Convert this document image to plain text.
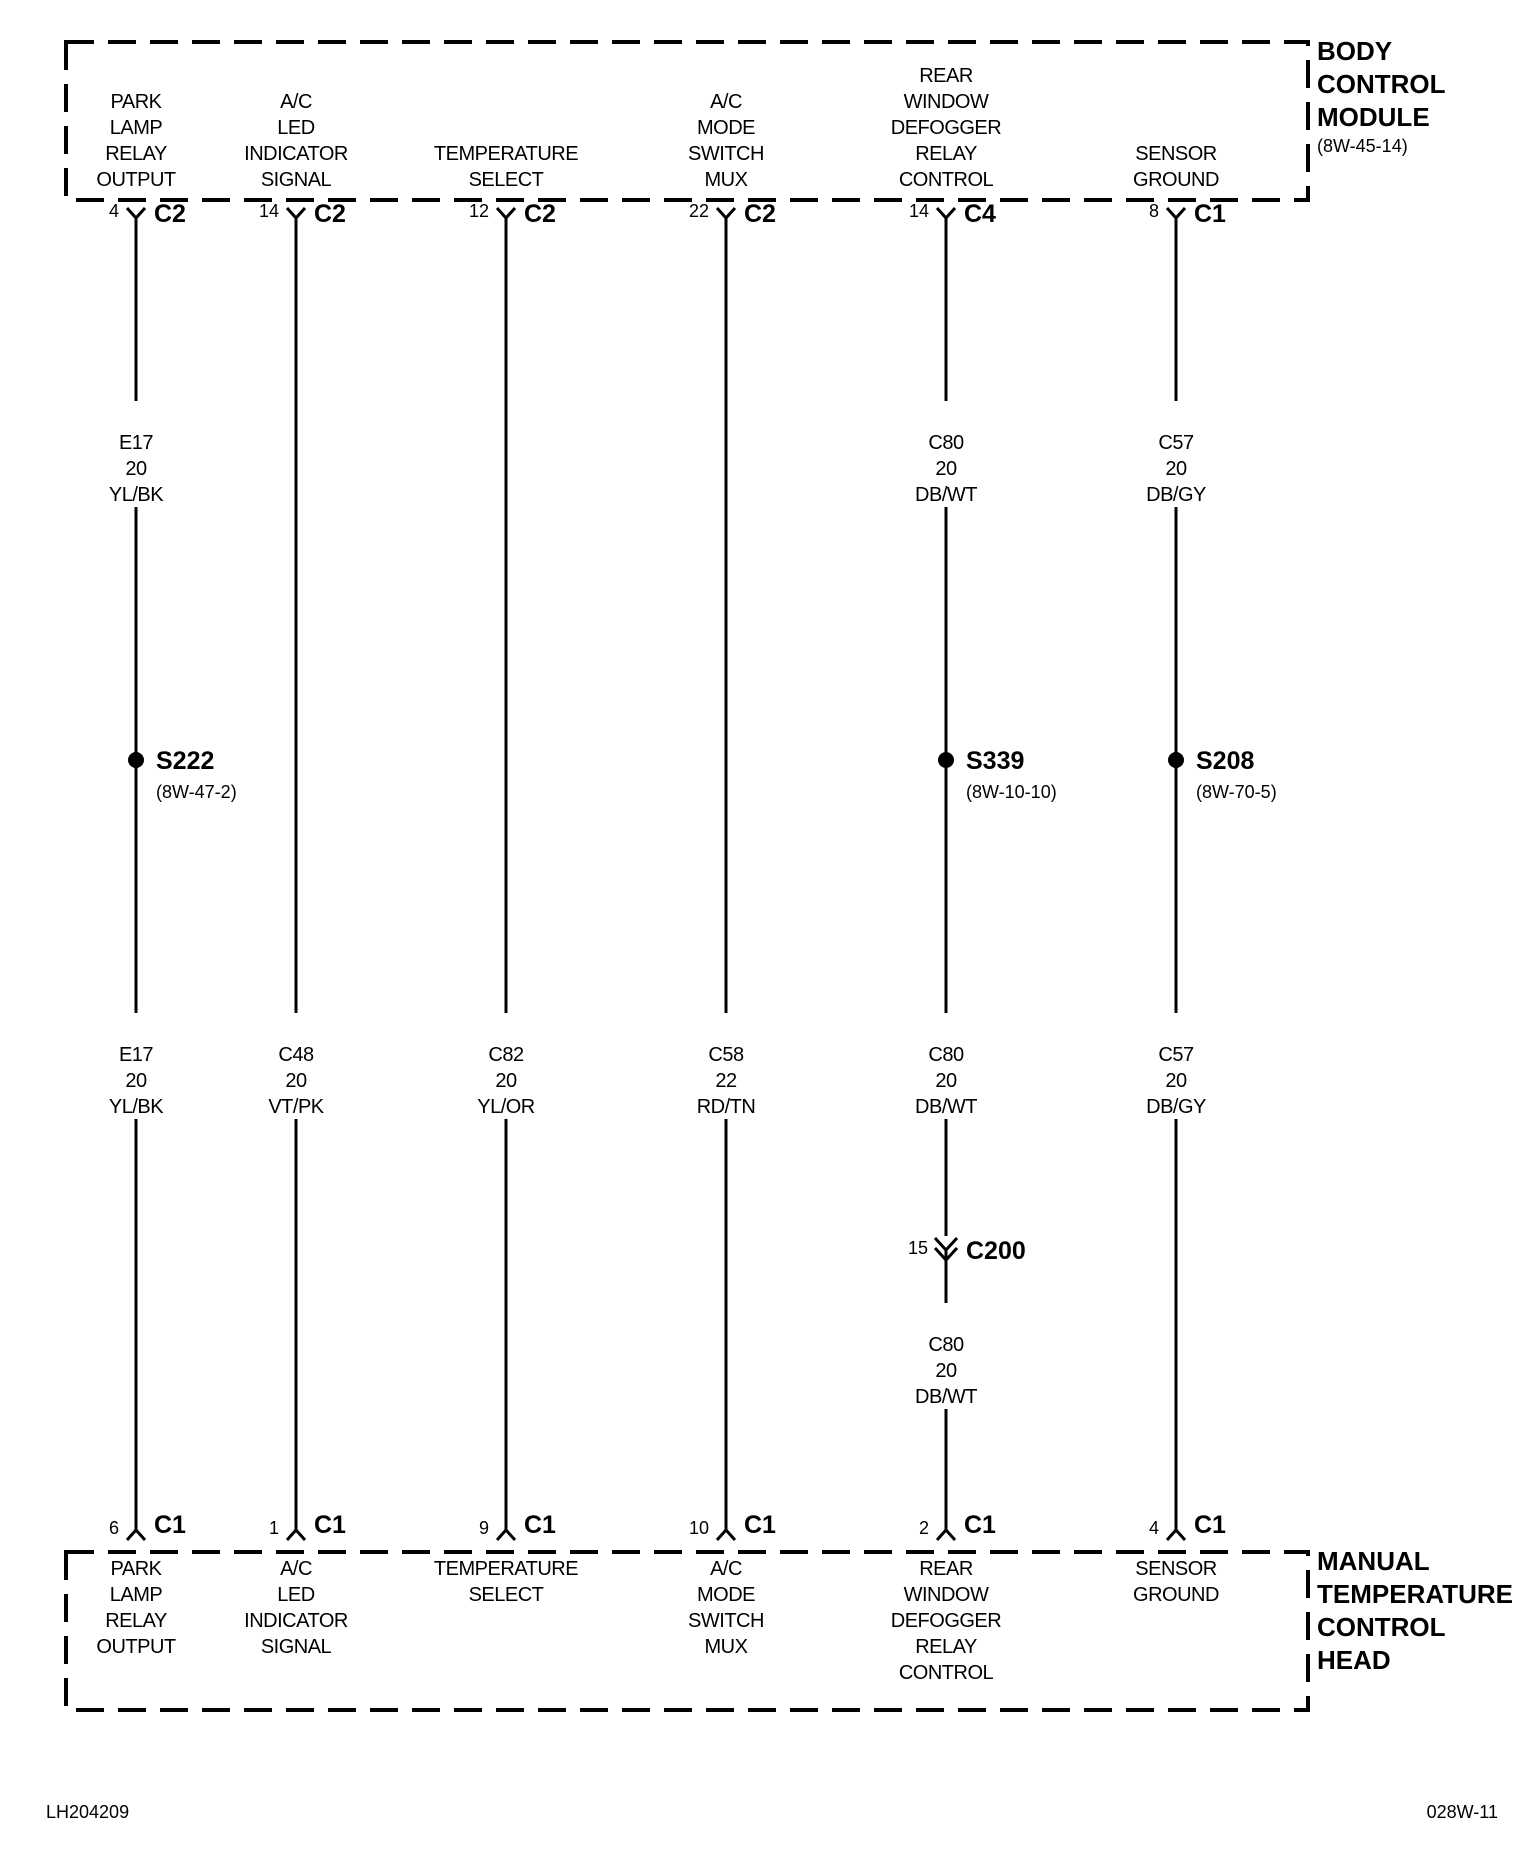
BODY
CONTROL
MODULE
(8W-45-14)
MANUAL
TEMPERATURE
CONTROL
HEAD
PARK
LAMP
RELAY
OUTPUT
4 C2
E17
20
YL/BK
S222
(8W-47-2)
E17
20
YL/BK
6 C1
PARK
LAMP
RELAY
OUTPUT
A/C
LED
INDICATOR
SIGNAL
14 C2
C48
20
VT/PK
1 C1
A/C
LED
INDICATOR
SIGNAL
TEMPERATURE
SELECT
12 C2
C82
20
YL/OR
9 C1
TEMPERATURE
SELECT
A/C
MODE
SWITCH
MUX
22 C2
C58
22
RD/TN
10 C1
A/C
MODE
SWITCH
MUX
REAR
WINDOW
DEFOGGER
RELAY
CONTROL
14 C4
C80
20
DB/WT
S339
(8W-10-10)
C80
20
DB/WT
15 C200
C80
20
DB/WT
2 C1
REAR
WINDOW
DEFOGGER
RELAY
CONTROL
SENSOR
GROUND
8 C1
C57
20
DB/GY
S208
(8W-70-5)
C57
20
DB/GY
4 C1
SENSOR
GROUND
LH204209	028W-11
